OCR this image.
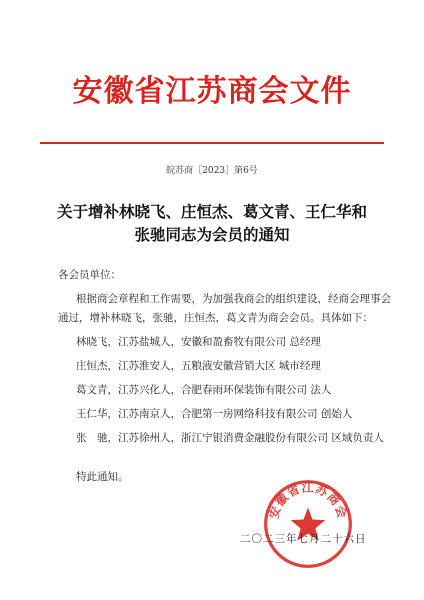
安徽省江苏商会文件
皖苏商［2023］第6号
关于增补林晓飞、庄恒杰、葛文青、王仁华和
张驰同志为会员的通知
各会员单位：
根据商会章程和工作需要，为加强我商会的组织建设，经商会理事会
通过，增补林晓飞，张驰，庄恒杰，葛文青为商会会员。具体如下：
林晓飞，江苏盐城人，安徽和盈畜牧有限公司 总经理
庄恒杰，江苏淮安人，五粮液安徽营销大区 城市经理
葛文青，江苏兴化人，合肥春雨环保装饰有限公司 法人
王仁华，江苏南京人，合肥第一房网络科技有限公司 创始人
张　驰，江苏徐州人，浙江宁银消费金融股份有限公司 区域负责人
特此通知。
安徽省江苏商会
二〇二三年七月二十六日
